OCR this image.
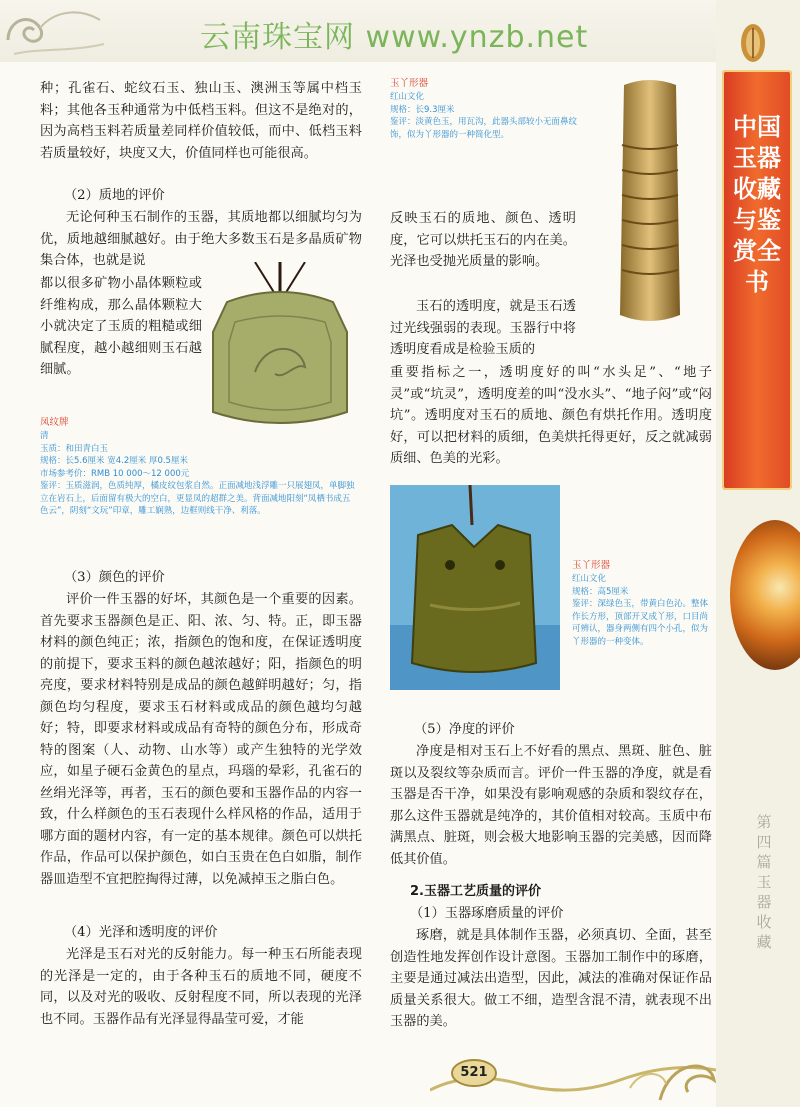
云南珠宝网 www.ynzb.net
中国玉器收藏与鉴赏全书
第四篇 玉器收藏

种；孔雀石、蛇纹石玉、独山玉、澳洲玉等属中档玉料；其他各玉种通常为中低档玉料。但这不是绝对的，因为高档玉料若质量差同样价值较低，而中、低档玉料若质量较好，块度又大，价值同样也可能很高。

（2）质地的评价

无论何种玉石制作的玉器，其质地都以细腻均匀为优，质地越细腻越好。由于绝大多数玉石是多晶质矿物集合体，也就是说

都以很多矿物小晶体颗粒或纤维构成，那么晶体颗粒大小就决定了玉质的粗糙或细腻程度，越小越细则玉石越细腻。

凤纹牌
清
玉质：和田青白玉
规格：长5.6厘米 宽4.2厘米 厚0.5厘米
市场参考价：RMB 10 000～12 000元
鉴评：玉质滋润，色质纯厚，橘皮纹包浆自然。正面减地浅浮雕一只展翅凤，单脚独立在岩石上，后面留有极大的空白，更显凤的超群之美。背面减地阳刻“凤栖书成五色云”，阴刻“文玩”印章，雕工娴熟，边框则线干净、利落。
（3）颜色的评价

评价一件玉器的好坏，其颜色是一个重要的因素。首先要求玉器颜色是正、阳、浓、匀、特。正，即玉器材料的颜色纯正；浓，指颜色的饱和度，在保证透明度的前提下，要求玉料的颜色越浓越好；阳，指颜色的明亮度，要求材料特别是成品的颜色越鲜明越好；匀，指颜色均匀程度，要求玉石材料或成品的颜色越均匀越好；特，即要求材料或成品有奇特的颜色分布，形成奇特的图案（人、动物、山水等）或产生独特的光学效应，如星子硬石金黄色的星点，玛瑙的晕彩，孔雀石的丝绢光泽等，再者，玉石的颜色要和玉器作品的内容一致，什么样颜色的玉石表现什么样风格的作品，适用于哪方面的题材内容，有一定的基本规律。颜色可以烘托作品，作品可以保护颜色，如白玉贵在色白如脂，制作器皿造型不宜把腔掏得过薄，以免减掉玉之脂白色。

（4）光泽和透明度的评价

光泽是玉石对光的反射能力。每一种玉石所能表现的光泽是一定的，由于各种玉石的质地不同，硬度不同，以及对光的吸收、反射程度不同，所以表现的光泽也不同。玉器作品有光泽显得晶莹可爱，才能

玉丫形器
红山文化
规格：长9.3厘米
鉴评：淡黄色玉，用瓦沟，此器头部较小无面鼻纹饰，似为丫形器的一种简化型。

反映玉石的质地、颜色、透明度，它可以烘托玉石的内在美。光泽也受抛光质量的影响。

玉石的透明度，就是玉石透过光线强弱的表现。玉器行中将透明度看成是检验玉质的

重要指标之一，透明度好的叫“水头足”、“地子灵”或“坑灵”，透明度差的叫“没水头”、“地子闷”或“闷坑”。透明度对玉石的质地、颜色有烘托作用。透明度好，可以把材料的质细，色美烘托得更好，反之就减弱质细、色美的光彩。

玉丫形器
红山文化
规格：高5厘米
鉴评：深绿色玉，带黄白色沁。整体作长方形，顶部开叉成丫形，口目尚可辨认，器身两侧有四个小孔，似为丫形器的一种变体。
（5）净度的评价

净度是相对玉石上不好看的黑点、黑斑、脏色、脏斑以及裂纹等杂质而言。评价一件玉器的净度，就是看玉器是否干净，如果没有影响观感的杂质和裂纹存在，那么这件玉器就是纯净的，其价值相对较高。玉质中布满黑点、脏斑，则会极大地影响玉器的完美感，因而降低其价值。

2.玉器工艺质量的评价
（1）玉器琢磨质量的评价

琢磨，就是具体制作玉器，必须真切、全面，甚至创造性地发挥创作设计意图。玉器加工制作中的琢磨，主要是通过减法出造型，因此，减法的准确对保证作品质量关系很大。做工不细，造型含混不清，就表现不出玉器的美。

521
